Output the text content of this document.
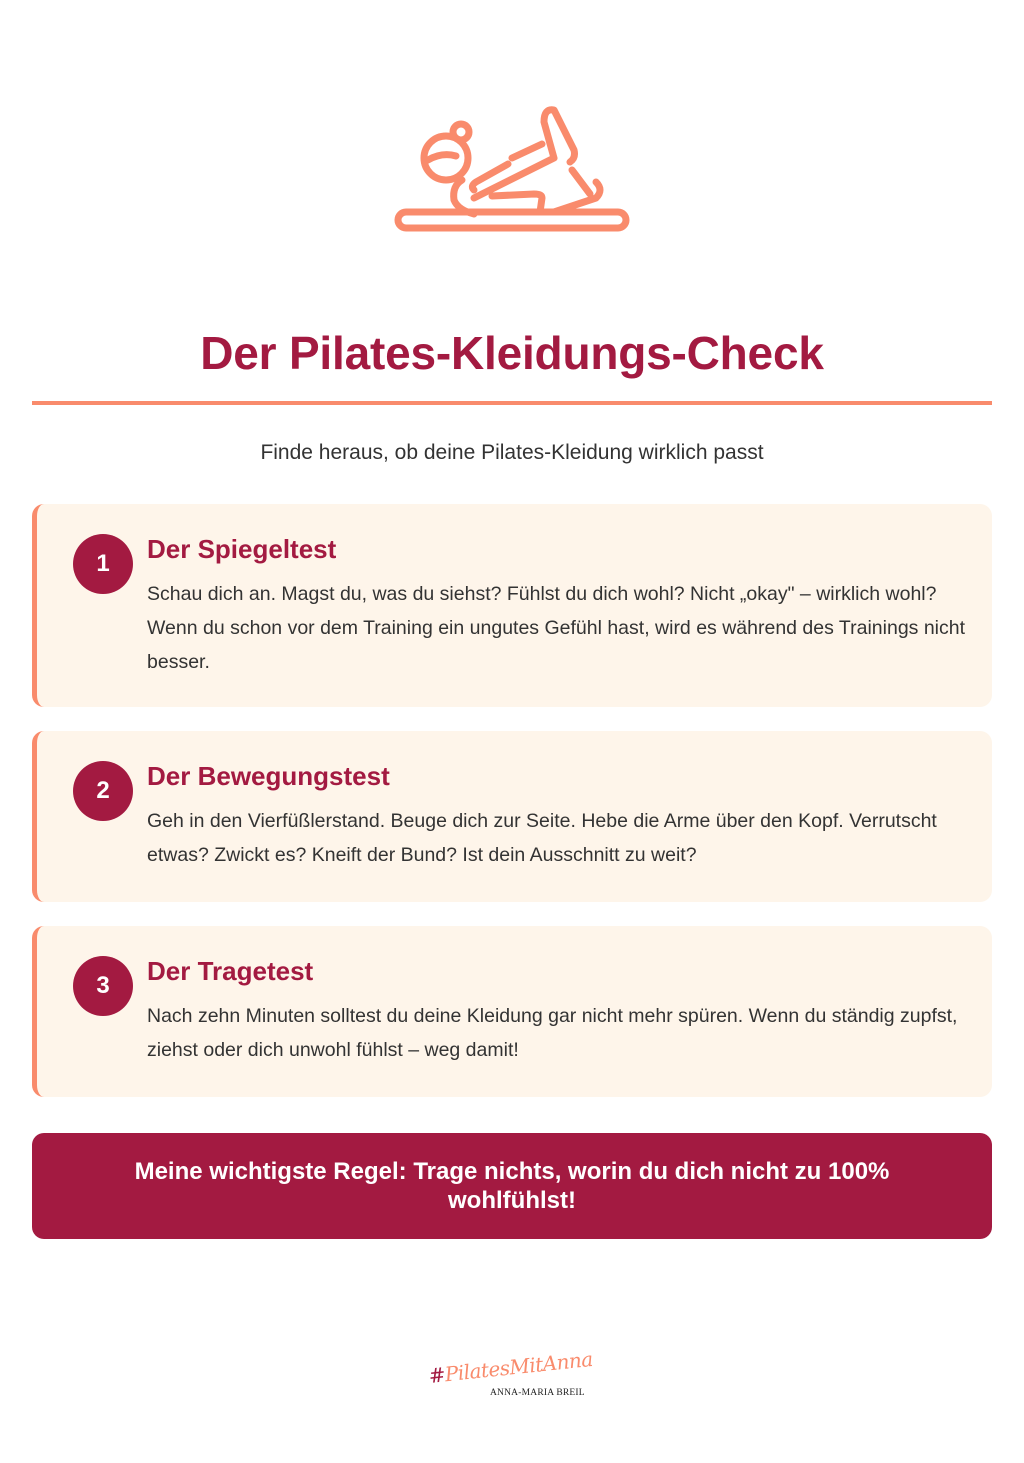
Der Pilates-Kleidungs-Check
Finde heraus, ob deine Pilates-Kleidung wirklich passt
1	Der Spiegeltest
Schau dich an. Magst du, was du siehst? Fühlst du dich wohl? Nicht „okay" – wirklich wohl? Wenn du schon vor dem Training ein ungutes Gefühl hast, wird es während des Trainings nicht besser.
2	Der Bewegungstest
Geh in den Vierfüßlerstand. Beuge dich zur Seite. Hebe die Arme über den Kopf. Verrutscht etwas? Zwickt es? Kneift der Bund? Ist dein Ausschnitt zu weit?
3	Der Tragetest
Nach zehn Minuten solltest du deine Kleidung gar nicht mehr spüren. Wenn du ständig zupfst, ziehst oder dich unwohl fühlst – weg damit!
Meine wichtigste Regel: Trage nichts, worin du dich nicht zu 100% wohlfühlst!
#PilatesMitAnna
ANNA-MARIA BREIL
